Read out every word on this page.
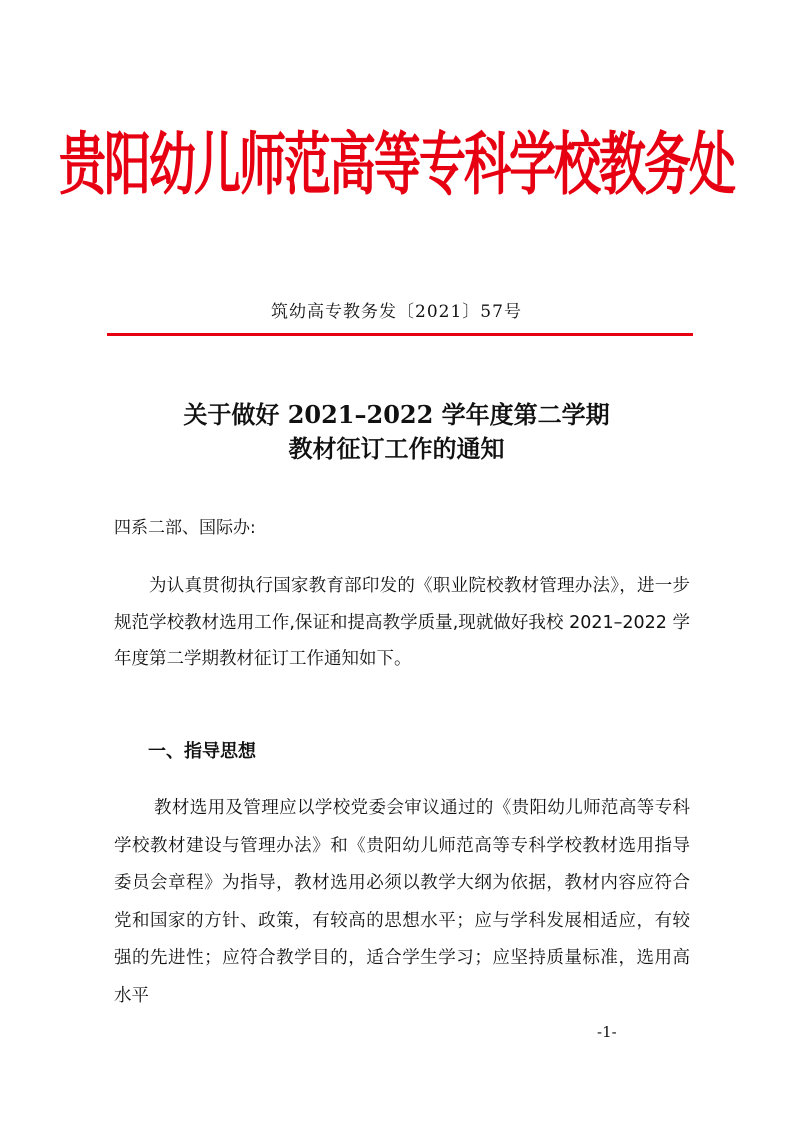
贵阳幼儿师范高等专科学校教务处
筑幼高专教务发〔2021〕57号
关于做好 2021–2022 学年度第二学期
教材征订工作的通知
四系二部、国际办:
为认真贯彻执行国家教育部印发的《职业院校教材管理办法》，进一步规范学校教材选用工作,保证和提高教学质量,现就做好我校 2021–2022 学年度第二学期教材征订工作通知如下。
一、指导思想
教材选用及管理应以学校党委会审议通过的《贵阳幼儿师范高等专科学校教材建设与管理办法》和《贵阳幼儿师范高等专科学校教材选用指导委员会章程》为指导，教材选用必须以教学大纲为依据，教材内容应符合党和国家的方针、政策，有较高的思想水平；应与学科发展相适应，有较强的先进性；应符合教学目的，适合学生学习；应坚持质量标准，选用高水平
-1-
